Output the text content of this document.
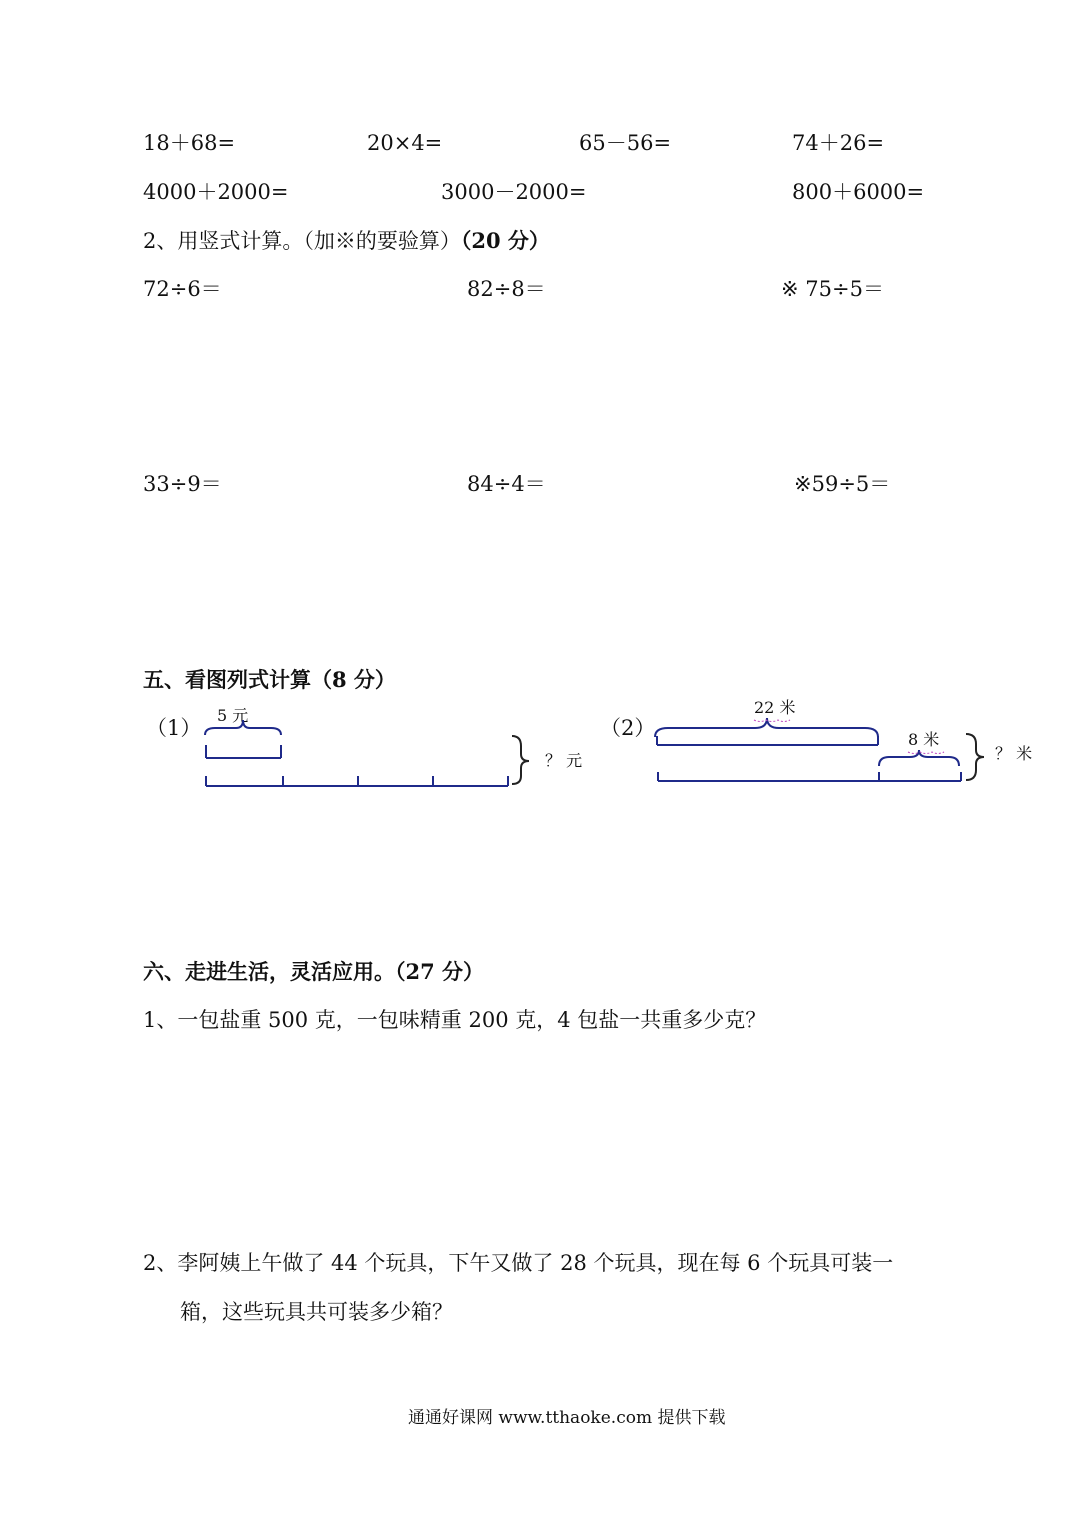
18＋68=	20×4=	65－56=	74＋26=
4000＋2000=	3000－2000=	800＋6000=
2、用竖式计算。（加※的要验算）（20 分）
72÷6＝	82÷8＝	※ 75÷5＝
33÷9＝	84÷4＝	※59÷5＝
五、看图列式计算（8 分）
（1）
5 元
？ 元
（2）
22 米
8 米
？ 米
六、走进生活，灵活应用。（27 分）
1、一包盐重 500 克，一包味精重 200 克，4 包盐一共重多少克？
2、李阿姨上午做了 44 个玩具，下午又做了 28 个玩具，现在每 6 个玩具可装一
箱，这些玩具共可装多少箱？
通通好课网 www.tthaoke.com 提供下载
